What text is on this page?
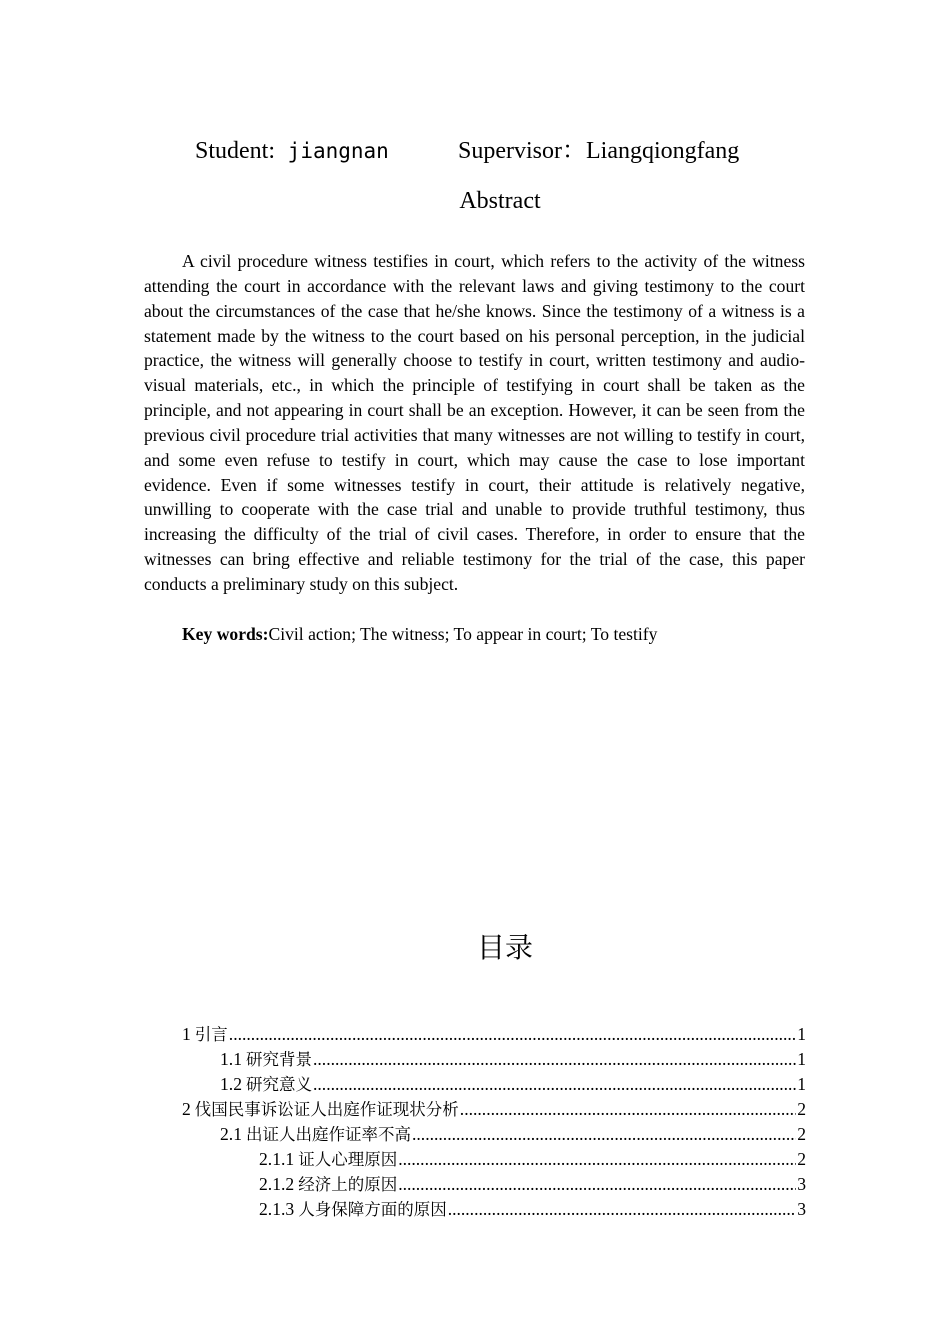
Student: jiangnan	Supervisor：Liangqiongfang
Abstract

A civil procedure witness testifies in court, which refers to the activity of the witness attending the court in accordance with the relevant laws and giving testimony to the court about the circumstances of the case that he/she knows. Since the testimony of a witness is a statement made by the witness to the court based on his personal perception, in the judicial practice, the witness will generally choose to testify in court, written testimony and audio-visual materials, etc., in which the principle of testifying in court shall be taken as the principle, and not appearing in court shall be an exception. However, it can be seen from the previous civil procedure trial activities that many witnesses are not willing to testify in court, and some even refuse to testify in court, which may cause the case to lose important evidence. Even if some witnesses testify in court, their attitude is relatively negative, unwilling to cooperate with the case trial and unable to provide truthful testimony, thus increasing the difficulty of the trial of civil cases. Therefore, in order to ensure that the witnesses can bring effective and reliable testimony for the trial of the case, this paper conducts a preliminary study on this subject.

Key words:Civil action; The witness; To appear in court; To testify
目录
1 引言 .....	1
1.1 研究背景 .....	1
1.2 研究意义 .....	1
2 伐国民事诉讼证人出庭作证现状分析 .....	2
2.1 出证人出庭作证率不高 .....	2
2.1.1 证人心理原因 .....	2
2.1.2 经济上的原因 .....	3
2.1.3 人身保障方面的原因 .....	3
